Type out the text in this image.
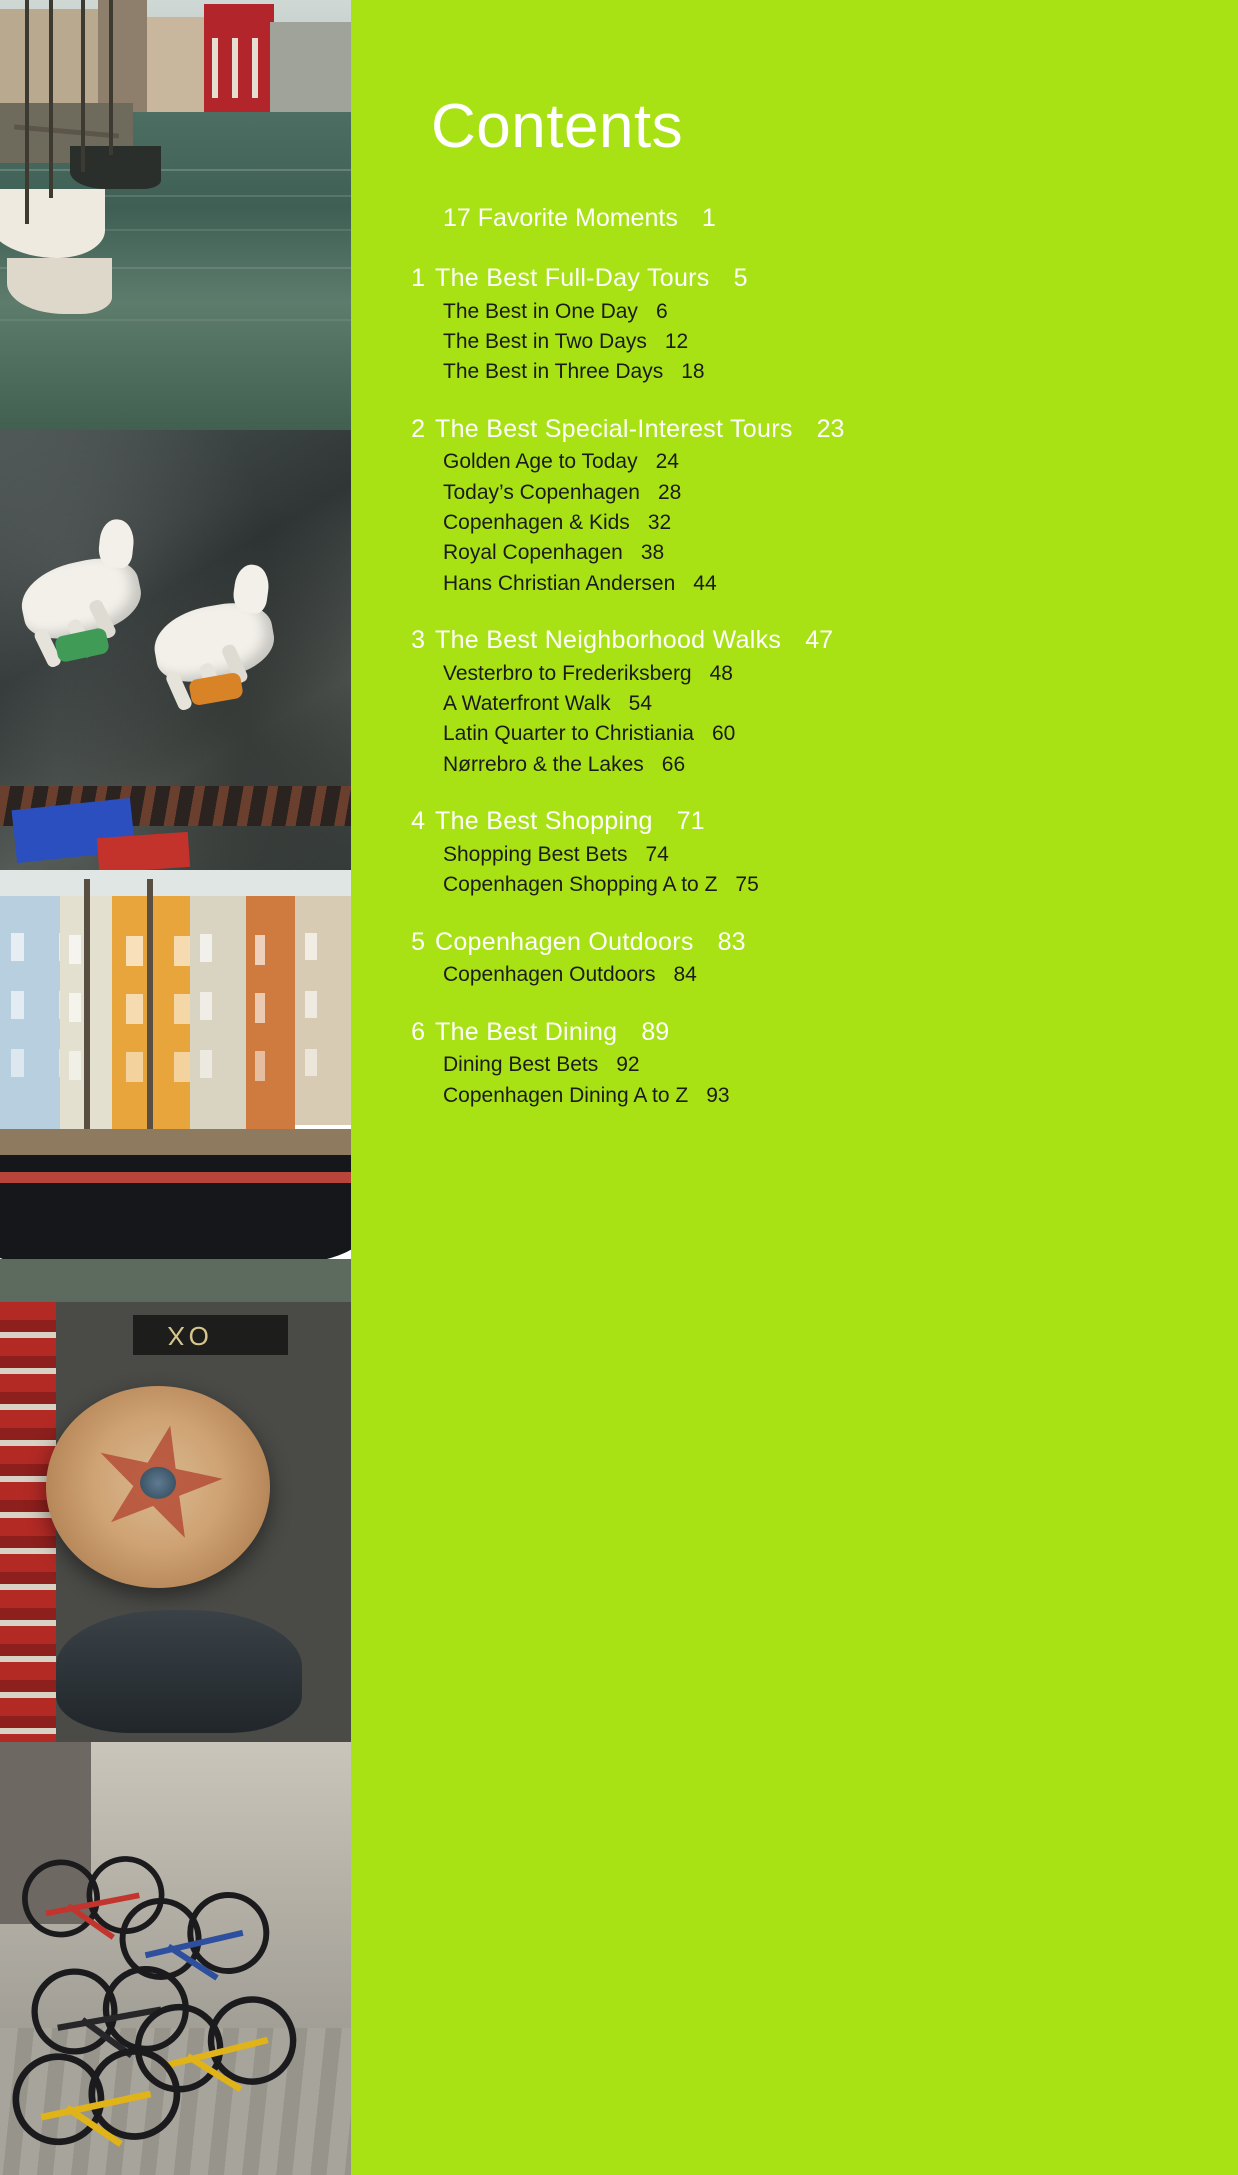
XO
Contents
17 Favorite Moments 1
1 The Best Full-Day Tours 5
The Best in One Day 6
The Best in Two Days 12
The Best in Three Days 18
2 The Best Special-Interest Tours 23
Golden Age to Today 24
Today’s Copenhagen 28
Copenhagen & Kids 32
Royal Copenhagen 38
Hans Christian Andersen 44
3 The Best Neighborhood Walks 47
Vesterbro to Frederiksberg 48
A Waterfront Walk 54
Latin Quarter to Christiania 60
Nørrebro & the Lakes 66
4 The Best Shopping 71
Shopping Best Bets 74
Copenhagen Shopping A to Z 75
5 Copenhagen Outdoors 83
Copenhagen Outdoors 84
6 The Best Dining 89
Dining Best Bets 92
Copenhagen Dining A to Z 93
